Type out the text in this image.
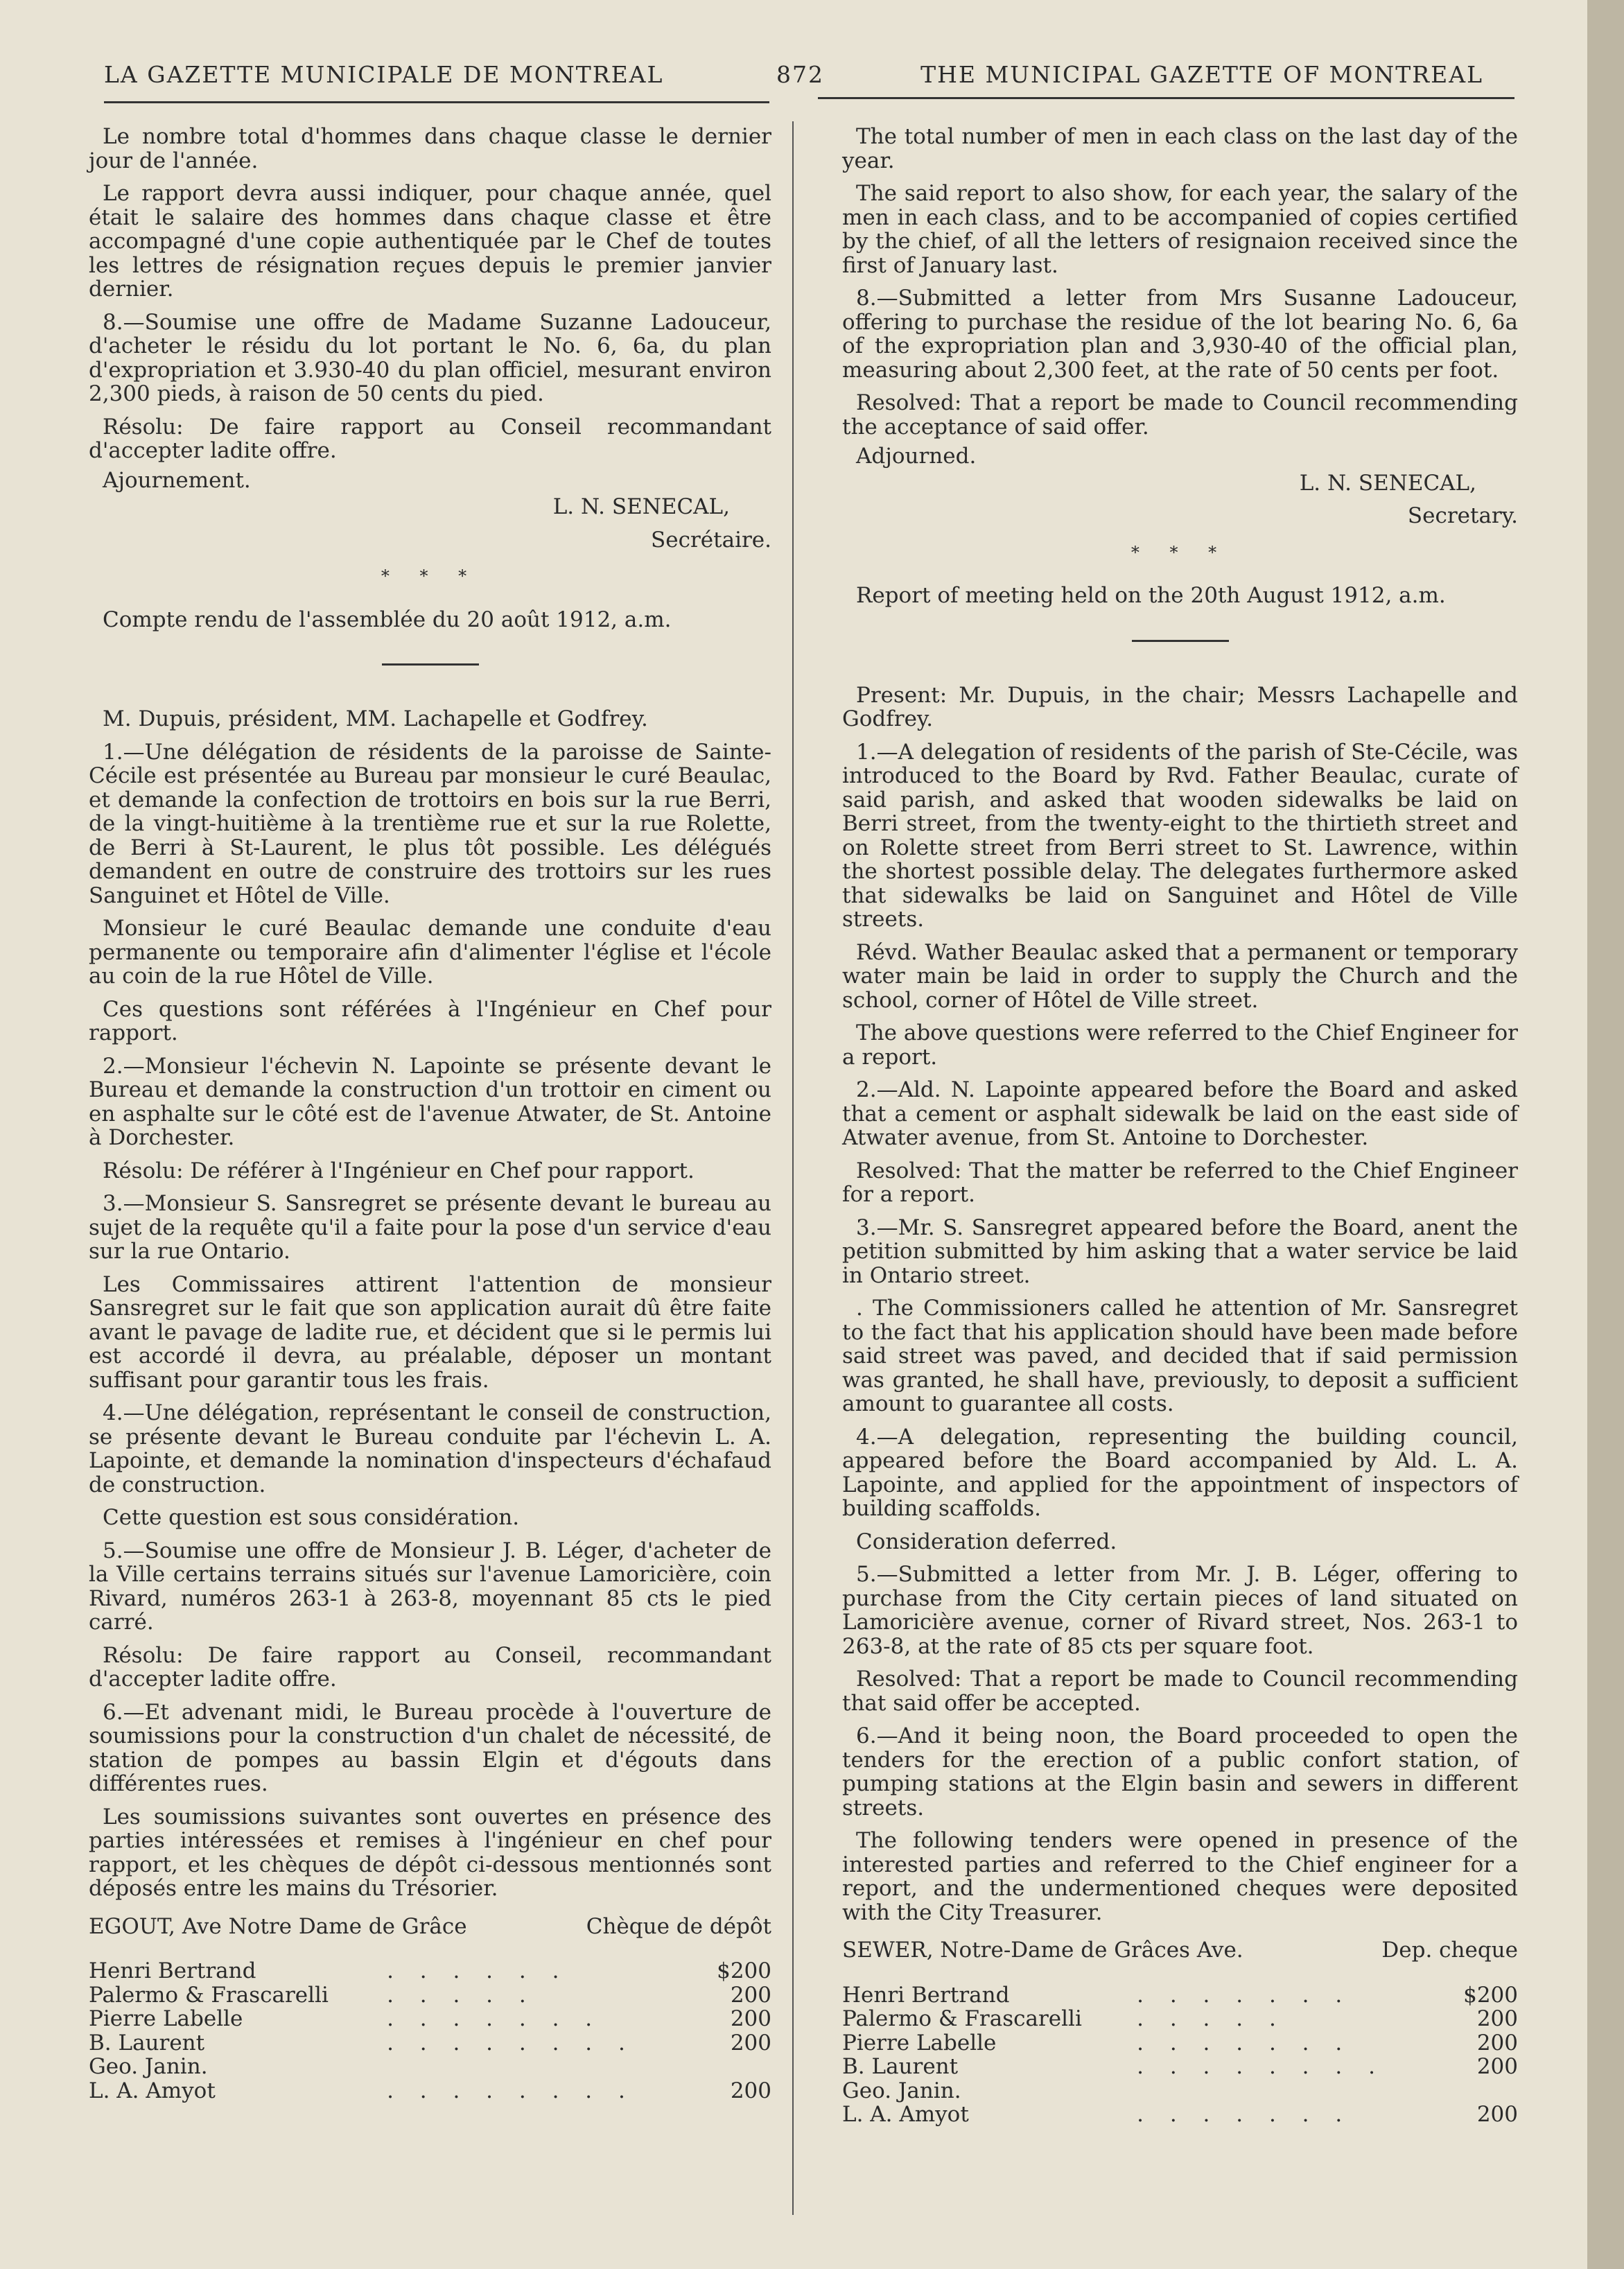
LA GAZETTE MUNICIPALE DE MONTREAL	872	THE MUNICIPAL GAZETTE OF MONTREAL

Le nombre total d'hommes dans chaque classe le dernier jour de l'année.

Le rapport devra aussi indiquer, pour chaque année, quel était le salaire des hommes dans chaque classe et être accompagné d'une copie authentiquée par le Chef de toutes les lettres de résignation reçues depuis le premier janvier dernier.

8.—Soumise une offre de Madame Suzanne Ladouceur, d'acheter le résidu du lot portant le No. 6, 6a, du plan d'expropriation et 3.930-40 du plan officiel, mesurant environ 2,300 pieds, à raison de 50 cents du pied.

Résolu: De faire rapport au Conseil recommandant d'accepter ladite offre.

Ajournement.

L. N. SENECAL,

Secrétaire.

* * *

Compte rendu de l'assemblée du 20 août 1912, a.m.

M. Dupuis, président, MM. Lachapelle et Godfrey.

1.—Une délégation de résidents de la paroisse de Sainte-Cécile est présentée au Bureau par monsieur le curé Beaulac, et demande la confection de trottoirs en bois sur la rue Berri, de la vingt-huitième à la trentième rue et sur la rue Rolette, de Berri à St-Laurent, le plus tôt possible. Les délégués demandent en outre de construire des trottoirs sur les rues Sanguinet et Hôtel de Ville.

Monsieur le curé Beaulac demande une conduite d'eau permanente ou temporaire afin d'alimenter l'église et l'école au coin de la rue Hôtel de Ville.

Ces questions sont référées à l'Ingénieur en Chef pour rapport.

2.—Monsieur l'échevin N. Lapointe se présente devant le Bureau et demande la construction d'un trottoir en ciment ou en asphalte sur le côté est de l'avenue Atwater, de St. Antoine à Dorchester.

Résolu: De référer à l'Ingénieur en Chef pour rapport.

3.—Monsieur S. Sansregret se présente devant le bureau au sujet de la requête qu'il a faite pour la pose d'un service d'eau sur la rue Ontario.

Les Commissaires attirent l'attention de monsieur Sansregret sur le fait que son application aurait dû être faite avant le pavage de ladite rue, et décident que si le permis lui est accordé il devra, au préalable, déposer un montant suffisant pour garantir tous les frais.

4.—Une délégation, représentant le conseil de construction, se présente devant le Bureau conduite par l'échevin L. A. Lapointe, et demande la nomination d'inspecteurs d'échafaud de construction.

Cette question est sous considération.

5.—Soumise une offre de Monsieur J. B. Léger, d'acheter de la Ville certains terrains situés sur l'avenue Lamoricière, coin Rivard, numéros 263-1 à 263-8, moyennant 85 cts le pied carré.

Résolu: De faire rapport au Conseil, recommandant d'accepter ladite offre.

6.—Et advenant midi, le Bureau procède à l'ouverture de soumissions pour la construction d'un chalet de nécessité, de station de pompes au bassin Elgin et d'égouts dans différentes rues.

Les soumissions suivantes sont ouvertes en présence des parties intéressées et remises à l'ingénieur en chef pour rapport, et les chèques de dépôt ci-dessous mentionnés sont déposés entre les mains du Trésorier.

EGOUT, Ave Notre Dame de Grâce	Chèque de dépôt
Henri Bertrand	. . . . . .	$200
Palermo & Frascarelli	. . . . .	200
Pierre Labelle	. . . . . . .	200
B. Laurent	. . . . . . . .	200
Geo. Janin.		
L. A. Amyot	. . . . . . . .	200

The total number of men in each class on the last day of the year.

The said report to also show, for each year, the salary of the men in each class, and to be accompanied of copies certified by the chief, of all the letters of resignaion received since the first of January last.

8.—Submitted a letter from Mrs Susanne Ladouceur, offering to purchase the residue of the lot bearing No. 6, 6a of the expropriation plan and 3,930-40 of the official plan, measuring about 2,300 feet, at the rate of 50 cents per foot.

Resolved: That a report be made to Council recommending the acceptance of said offer.

Adjourned.

L. N. SENECAL,

Secretary.

* * *

Report of meeting held on the 20th August 1912, a.m.

Present: Mr. Dupuis, in the chair; Messrs Lachapelle and Godfrey.

1.—A delegation of residents of the parish of Ste-Cécile, was introduced to the Board by Rvd. Father Beaulac, curate of said parish, and asked that wooden sidewalks be laid on Berri street, from the twenty-eight to the thirtieth street and on Rolette street from Berri street to St. Lawrence, within the shortest possible delay. The delegates furthermore asked that sidewalks be laid on Sanguinet and Hôtel de Ville streets.

Révd. Wather Beaulac asked that a permanent or temporary water main be laid in order to supply the Church and the school, corner of Hôtel de Ville street.

The above questions were referred to the Chief Engineer for a report.

2.—Ald. N. Lapointe appeared before the Board and asked that a cement or asphalt sidewalk be laid on the east side of Atwater avenue, from St. Antoine to Dorchester.

Resolved: That the matter be referred to the Chief Engineer for a report.

3.—Mr. S. Sansregret appeared before the Board, anent the petition submitted by him asking that a water service be laid in Ontario street.

. The Commissioners called he attention of Mr. Sansregret to the fact that his application should have been made before said street was paved, and decided that if said permission was granted, he shall have, previously, to deposit a sufficient amount to guarantee all costs.

4.—A delegation, representing the building council, appeared before the Board accompanied by Ald. L. A. Lapointe, and applied for the appointment of inspectors of building scaffolds.

Consideration deferred.

5.—Submitted a letter from Mr. J. B. Léger, offering to purchase from the City certain pieces of land situated on Lamoricière avenue, corner of Rivard street, Nos. 263-1 to 263-8, at the rate of 85 cts per square foot.

Resolved: That a report be made to Council recommending that said offer be accepted.

6.—And it being noon, the Board proceeded to open the tenders for the erection of a public confort station, of pumping stations at the Elgin basin and sewers in different streets.

The following tenders were opened in presence of the interested parties and referred to the Chief engineer for a report, and the undermentioned cheques were deposited with the City Treasurer.

SEWER, Notre-Dame de Grâces Ave.	Dep. cheque
Henri Bertrand	. . . . . . .	$200
Palermo & Frascarelli	. . . . .	200
Pierre Labelle	. . . . . . .	200
B. Laurent	. . . . . . . .	200
Geo. Janin.		
L. A. Amyot	. . . . . . .	200
